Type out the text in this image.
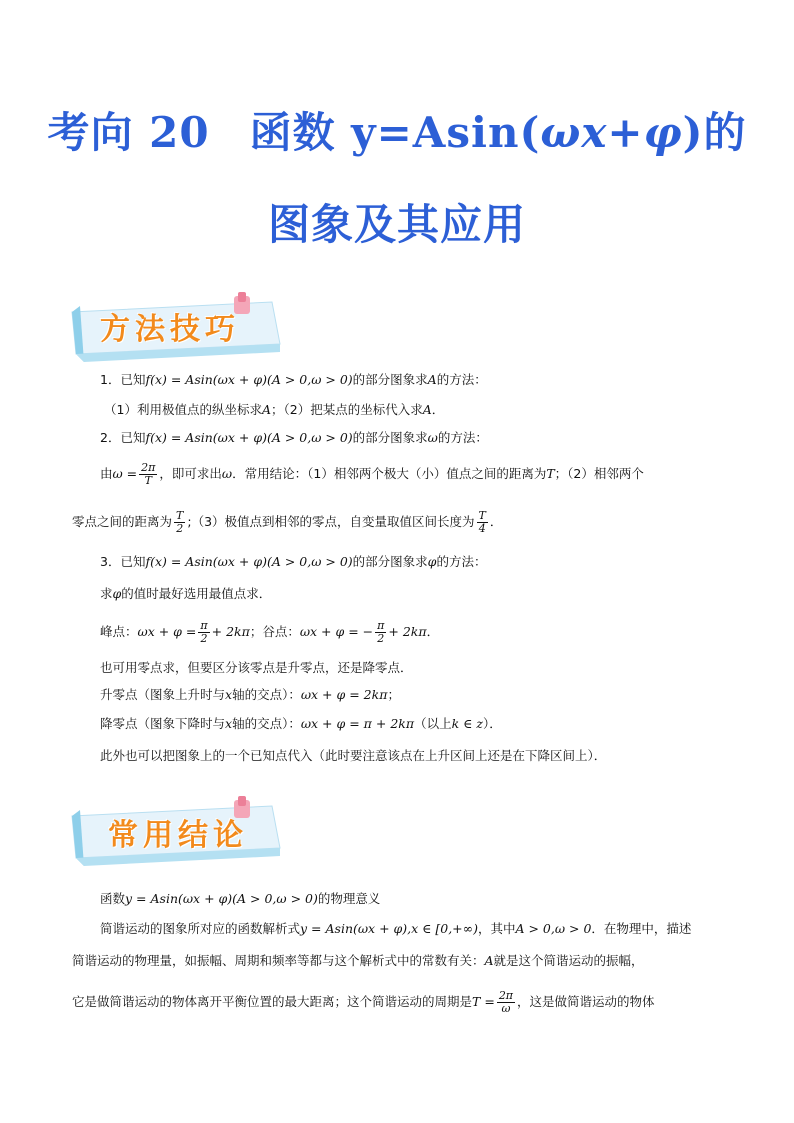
考向 20 函数 y=Asin(ωx+φ)的
图象及其应用
方法技巧
1．已知f(x) = Asin(ωx + φ)(A > 0,ω > 0)的部分图象求A的方法：
（1）利用极值点的纵坐标求A；（2）把某点的坐标代入求A．
2．已知f(x) = Asin(ωx + φ)(A > 0,ω > 0)的部分图象求ω的方法：
由$\omega = \frac{2\pi}{T}$ ，即可求出ω．常用结论：（1）相邻两个极大（小）值点之间的距离为T；（2）相邻两个
零点之间的距离为 $\frac{T}{2}$ ;（3）极值点到相邻的零点，自变量取值区间长度为 $\frac{T}{4}$ ．
3．已知f(x) = Asin(ωx + φ)(A > 0,ω > 0)的部分图象求φ的方法：
求φ的值时最好选用最值点求．
峰点：$\omega x + \varphi = \frac{\pi}{2} + 2k\pi$；谷点：ωx + φ = − $\frac{\pi}{2} + 2k\pi$．
也可用零点求，但要区分该零点是升零点，还是降零点．
升零点（图象上升时与x轴的交点）：ωx + φ = 2kπ；
降零点（图象下降时与x轴的交点）：ωx + φ = π + 2kπ（以上k ∈ z）．
此外也可以把图象上的一个已知点代入（此时要注意该点在上升区间上还是在下降区间上）．
常用结论
函数y = Asin(ωx + φ)(A > 0,ω > 0)的物理意义
简谐运动的图象所对应的函数解析式y = Asin(ωx + φ),x ∈ [0,+∞)，其中A > 0,ω > 0．在物理中，描述
简谐运动的物理量，如振幅、周期和频率等都与这个解析式中的常数有关：A就是这个简谐运动的振幅，
它是做简谐运动的物体离开平衡位置的最大距离；这个简谐运动的周期是$T = \frac{2\pi}{\omega}$ ，这是做简谐运动的物体
